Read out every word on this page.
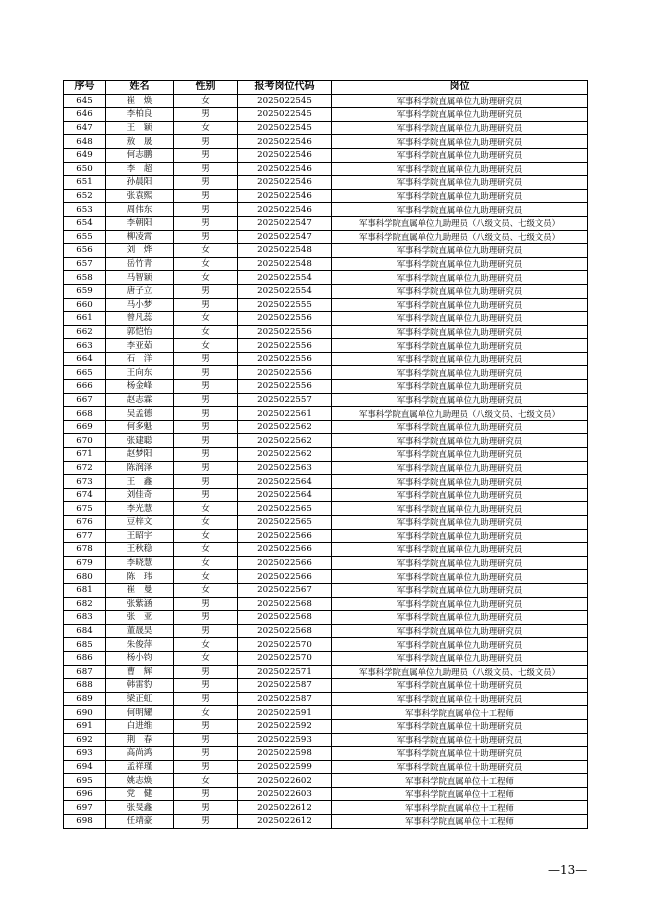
序号	姓名	性别	报考岗位代码	岗位
645	崔　焕	女	2025022545	军事科学院直属单位九助理研究员
646	李柏良	男	2025022545	军事科学院直属单位九助理研究员
647	王　颖	女	2025022545	军事科学院直属单位九助理研究员
648	敖　晟	男	2025022546	军事科学院直属单位九助理研究员
649	何志鹏	男	2025022546	军事科学院直属单位九助理研究员
650	李　超	男	2025022546	军事科学院直属单位九助理研究员
651	孙晨阳	男	2025022546	军事科学院直属单位九助理研究员
652	张袁熙	男	2025022546	军事科学院直属单位九助理研究员
653	周伟东	男	2025022546	军事科学院直属单位九助理研究员
654	李朝阳	男	2025022547	军事科学院直属单位九助理员（八级文员、七级文员）
655	柳凌霄	男	2025022547	军事科学院直属单位九助理员（八级文员、七级文员）
656	刘　烨	女	2025022548	军事科学院直属单位九助理研究员
657	岳竹青	女	2025022548	军事科学院直属单位九助理研究员
658	马智颖	女	2025022554	军事科学院直属单位九助理研究员
659	唐子立	男	2025022554	军事科学院直属单位九助理研究员
660	马小梦	男	2025022555	军事科学院直属单位九助理研究员
661	曾凡蕊	女	2025022556	军事科学院直属单位九助理研究员
662	郭恺怡	女	2025022556	军事科学院直属单位九助理研究员
663	李亚茹	女	2025022556	军事科学院直属单位九助理研究员
664	石　洋	男	2025022556	军事科学院直属单位九助理研究员
665	王向东	男	2025022556	军事科学院直属单位九助理研究员
666	杨金峰	男	2025022556	军事科学院直属单位九助理研究员
667	赵志霖	男	2025022557	军事科学院直属单位九助理研究员
668	吴孟德	男	2025022561	军事科学院直属单位九助理员（八级文员、七级文员）
669	何多魁	男	2025022562	军事科学院直属单位九助理研究员
670	张建聪	男	2025022562	军事科学院直属单位九助理研究员
671	赵梦阳	男	2025022562	军事科学院直属单位九助理研究员
672	陈润泽	男	2025022563	军事科学院直属单位九助理研究员
673	王　鑫	男	2025022564	军事科学院直属单位九助理研究员
674	刘佳奇	男	2025022564	军事科学院直属单位九助理研究员
675	李光慧	女	2025022565	军事科学院直属单位九助理研究员
676	豆梓文	女	2025022565	军事科学院直属单位九助理研究员
677	王昭宇	女	2025022566	军事科学院直属单位九助理研究员
678	王秋稳	女	2025022566	军事科学院直属单位九助理研究员
679	李晓慧	女	2025022566	军事科学院直属单位九助理研究员
680	陈　玮	女	2025022566	军事科学院直属单位九助理研究员
681	崔　曼	女	2025022567	军事科学院直属单位九助理研究员
682	张紫涵	男	2025022568	军事科学院直属单位九助理研究员
683	张　亚	男	2025022568	军事科学院直属单位九助理研究员
684	董晟昊	男	2025022568	军事科学院直属单位九助理研究员
685	朱俊萍	女	2025022570	军事科学院直属单位九助理研究员
686	杨小钧	女	2025022570	军事科学院直属单位九助理研究员
687	曹　辉	男	2025022571	军事科学院直属单位九助理员（八级文员、七级文员）
688	韩雷豹	男	2025022587	军事科学院直属单位十助理研究员
689	梁正虹	男	2025022587	军事科学院直属单位十助理研究员
690	何明耀	女	2025022591	军事科学院直属单位十工程师
691	白进维	男	2025022592	军事科学院直属单位十助理研究员
692	荆　春	男	2025022593	军事科学院直属单位十助理研究员
693	高尚鸿	男	2025022598	军事科学院直属单位十助理研究员
694	孟祥瑾	男	2025022599	军事科学院直属单位十助理研究员
695	姚志焕	女	2025022602	军事科学院直属单位十工程师
696	党　健	男	2025022603	军事科学院直属单位十工程师
697	张旻鑫	男	2025022612	军事科学院直属单位十工程师
698	任靖豪	男	2025022612	军事科学院直属单位十工程师
—13—
